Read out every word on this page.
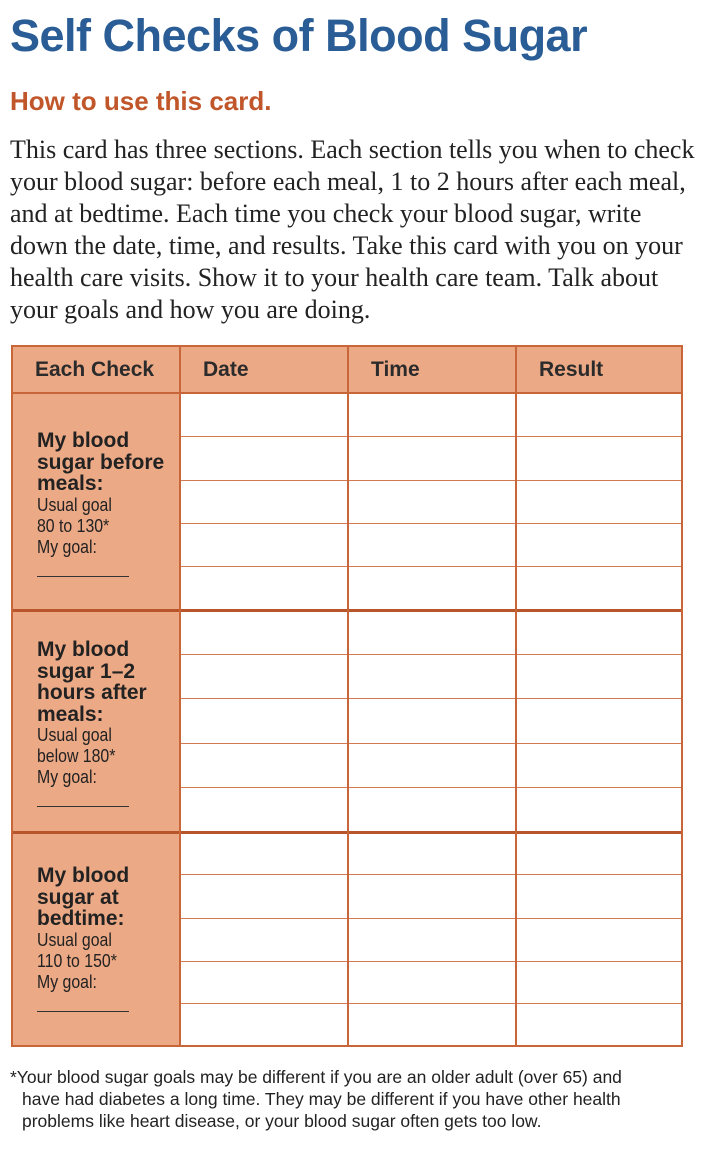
Self Checks of Blood Sugar
How to use this card.

This card has three sections. Each section tells you when to check your blood sugar: before each meal, 1 to 2 hours after each meal, and at bedtime. Each time you check your blood sugar, write down the date, time, and results. Take this card with you on your health care visits. Show it to your health care team. Talk about your goals and how you are doing.

Each Check Date	Time	Result
My blood
sugar before
meals:
Usual goal
80 to 130*
My goal:
My blood
sugar 1–2
hours after
meals:
Usual goal
below 180*
My goal:
My blood
sugar at
bedtime:
Usual goal
110 to 150*
My goal:

*Your blood sugar goals may be different if you are an older adult (over 65) and
have had diabetes a long time. They may be different if you have other health
problems like heart disease, or your blood sugar often gets too low.
